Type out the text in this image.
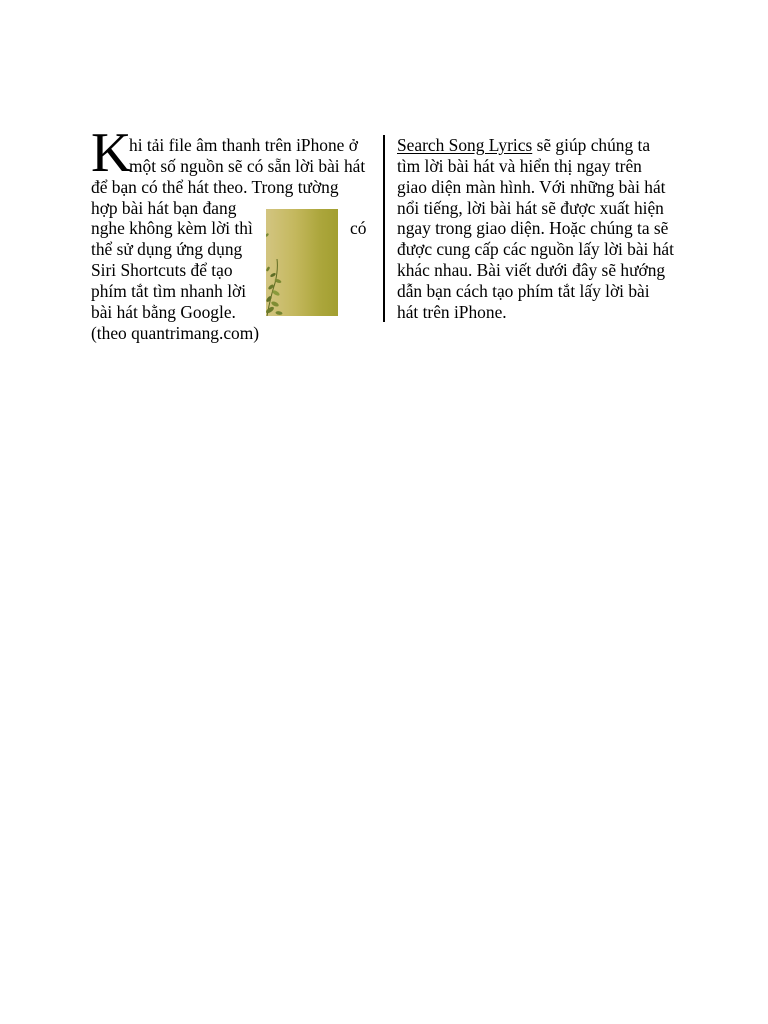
K
hi tải file âm thanh trên iPhone ở
một số nguồn sẽ có sẵn lời bài hát
để bạn có thể hát theo. Trong tường
hợp bài hát bạn đang
nghe không kèm lời thì
thể sử dụng ứng dụng
Siri Shortcuts để tạo
phím tắt tìm nhanh lời
bài hát bằng Google.
(theo quantrimang.com)
có
Search Song Lyrics sẽ giúp chúng ta
tìm lời bài hát và hiển thị ngay trên
giao diện màn hình. Với những bài hát
nổi tiếng, lời bài hát sẽ được xuất hiện
ngay trong giao diện. Hoặc chúng ta sẽ
được cung cấp các nguồn lấy lời bài hát
khác nhau. Bài viết dưới đây sẽ hướng
dẫn bạn cách tạo phím tắt lấy lời bài
hát trên iPhone.
